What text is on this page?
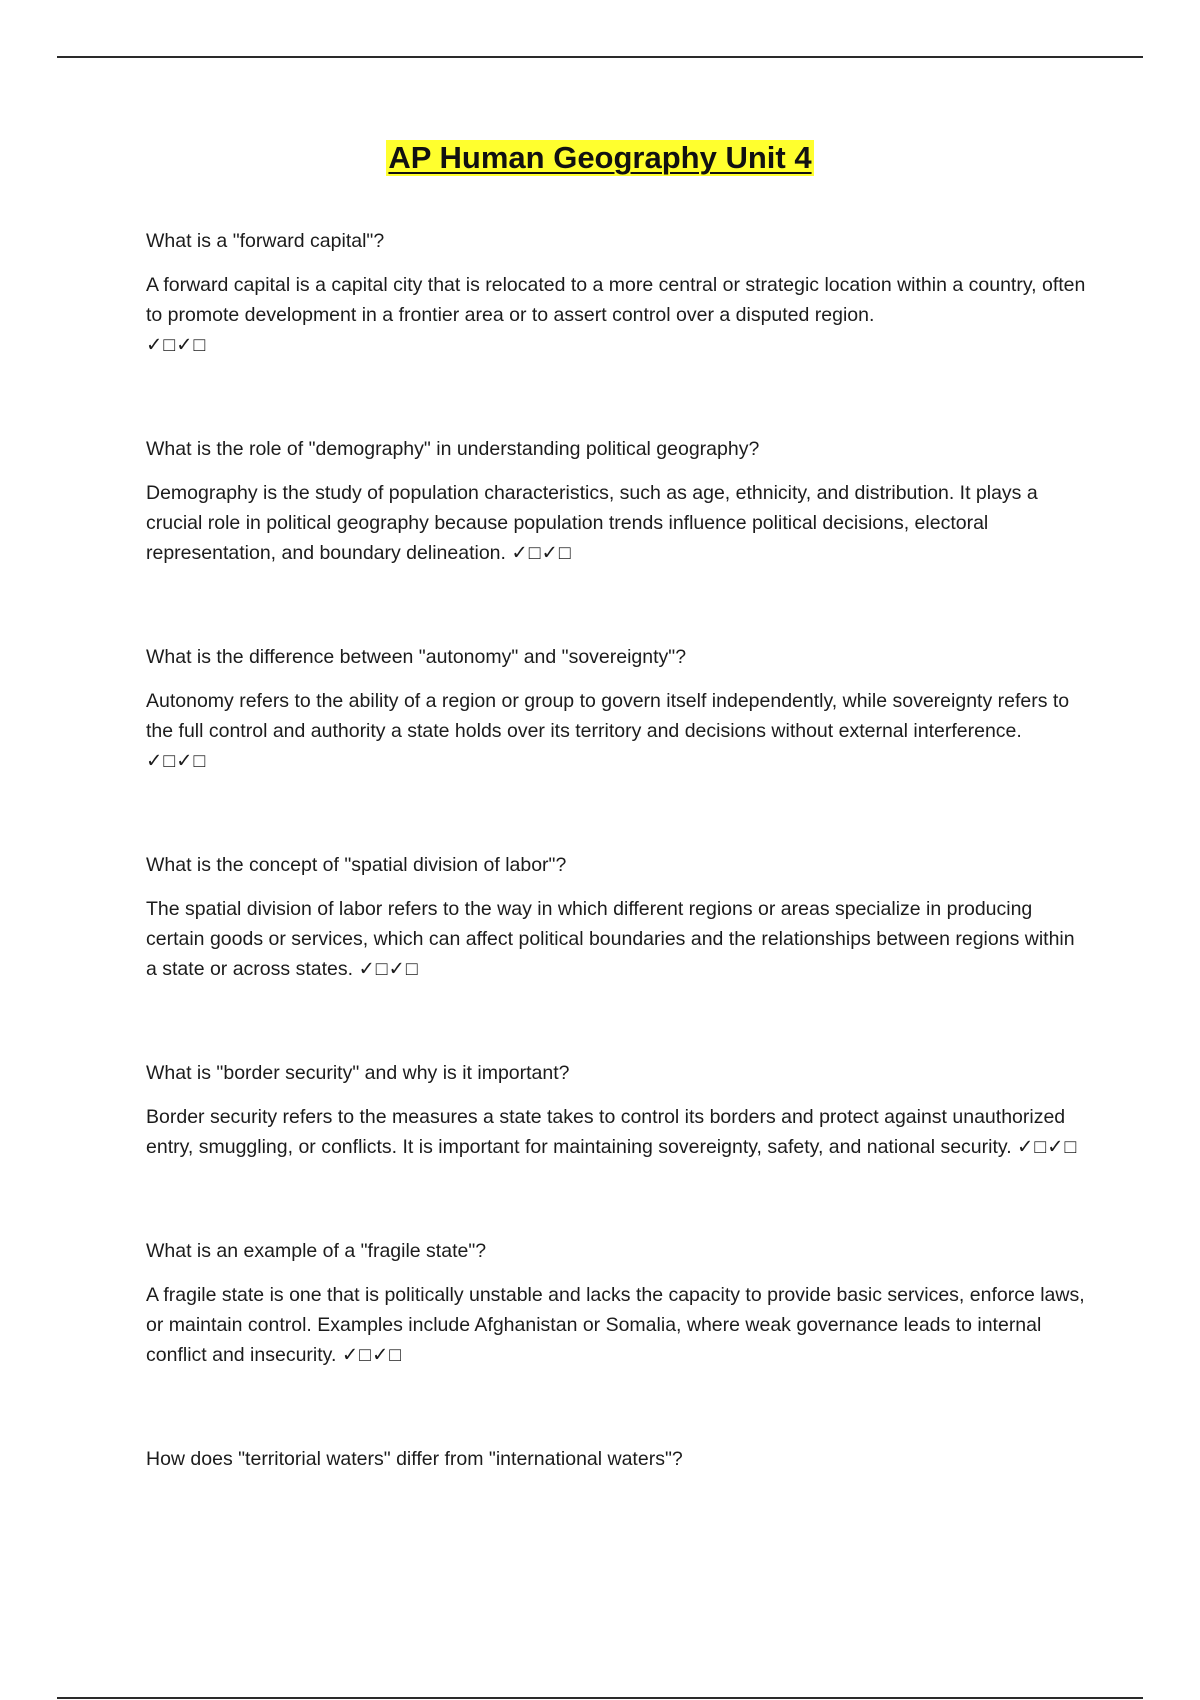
AP Human Geography Unit 4

What is a "forward capital"?

A forward capital is a capital city that is relocated to a more central or strategic location within a country, often to promote development in a frontier area or to assert control over a disputed region.
✓□✓□

What is the role of "demography" in understanding political geography?

Demography is the study of population characteristics, such as age, ethnicity, and distribution. It plays a crucial role in political geography because population trends influence political decisions, electoral representation, and boundary delineation. ✓□✓□

What is the difference between "autonomy" and "sovereignty"?

Autonomy refers to the ability of a region or group to govern itself independently, while sovereignty refers to the full control and authority a state holds over its territory and decisions without external interference. ✓□✓□

What is the concept of "spatial division of labor"?

The spatial division of labor refers to the way in which different regions or areas specialize in producing certain goods or services, which can affect political boundaries and the relationships between regions within a state or across states. ✓□✓□

What is "border security" and why is it important?

Border security refers to the measures a state takes to control its borders and protect against unauthorized entry, smuggling, or conflicts. It is important for maintaining sovereignty, safety, and national security. ✓□✓□

What is an example of a "fragile state"?

A fragile state is one that is politically unstable and lacks the capacity to provide basic services, enforce laws, or maintain control. Examples include Afghanistan or Somalia, where weak governance leads to internal conflict and insecurity. ✓□✓□

How does "territorial waters" differ from "international waters"?
